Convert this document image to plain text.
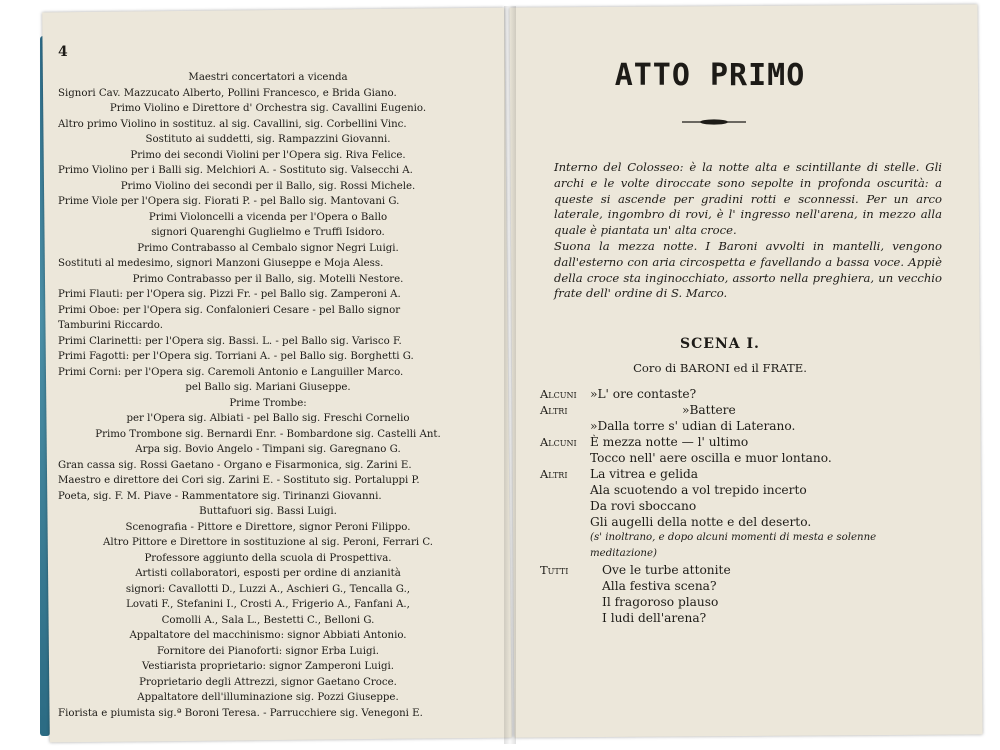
4
Maestri concertatori a vicenda
Signori Cav. Mazzucato Alberto, Pollini Francesco, e Brida Giano.
Primo Violino e Direttore d' Orchestra sig. Cavallini Eugenio.
Altro primo Violino in sostituz. al sig. Cavallini, sig. Corbellini Vinc.
Sostituto ai suddetti, sig. Rampazzini Giovanni.
Primo dei secondi Violini per l'Opera sig. Riva Felice.
Primo Violino per i Balli sig. Melchiori A. - Sostituto sig. Valsecchi A.
Primo Violino dei secondi per il Ballo, sig. Rossi Michele.
Prime Viole per l'Opera sig. Fiorati P. - pel Ballo sig. Mantovani G.
Primi Violoncelli a vicenda per l'Opera o Ballo
signori Quarenghi Guglielmo e Truffi Isidoro.
Primo Contrabasso al Cembalo signor Negri Luigi.
Sostituti al medesimo, signori Manzoni Giuseppe e Moja Aless.
Primo Contrabasso per il Ballo, sig. Motelli Nestore.
Primi Flauti: per l'Opera sig. Pizzi Fr. - pel Ballo sig. Zamperoni A.
Primi Oboe: per l'Opera sig. Confalonieri Cesare - pel Ballo signor
Tamburini Riccardo.
Primi Clarinetti: per l'Opera sig. Bassi. L. - pel Ballo sig. Varisco F.
Primi Fagotti: per l'Opera sig. Torriani A. - pel Ballo sig. Borghetti G.
Primi Corni: per l'Opera sig. Caremoli Antonio e Languiller Marco.
pel Ballo sig. Mariani Giuseppe.
Prime Trombe:
per l'Opera sig. Albiati - pel Ballo sig. Freschi Cornelio
Primo Trombone sig. Bernardi Enr. - Bombardone sig. Castelli Ant.
Arpa sig. Bovio Angelo - Timpani sig. Garegnano G.
Gran cassa sig. Rossi Gaetano - Organo e Fisarmonica, sig. Zarini E.
Maestro e direttore dei Cori sig. Zarini E. - Sostituto sig. Portaluppi P.
Poeta, sig. F. M. Piave - Rammentatore sig. Tirinanzi Giovanni.
Buttafuori sig. Bassi Luigi.
Scenografia - Pittore e Direttore, signor Peroni Filippo.
Altro Pittore e Direttore in sostituzione al sig. Peroni, Ferrari C.
Professore aggiunto della scuola di Prospettiva.
Artisti collaboratori, esposti per ordine di anzianità
signori: Cavallotti D., Luzzi A., Aschieri G., Tencalla G.,
Lovati F., Stefanini I., Crosti A., Frigerio A., Fanfani A.,
Comolli A., Sala L., Bestetti C., Belloni G.
Appaltatore del macchinismo: signor Abbiati Antonio.
Fornitore dei Pianoforti: signor Erba Luigi.
Vestiarista proprietario: signor Zamperoni Luigi.
Proprietario degli Attrezzi, signor Gaetano Croce.
Appaltatore dell'illuminazione sig. Pozzi Giuseppe.
Fiorista e piumista sig.ª Boroni Teresa. - Parrucchiere sig. Venegoni E.
ATTO PRIMO

Interno del Colosseo: è la notte alta e scintillante di stelle. Gli archi e le volte diroccate sono sepolte in profonda oscurità: a queste si ascende per gradini rotti e sconnessi. Per un arco laterale, ingombro di rovi, è l' ingresso nell'arena, in mezzo alla quale è piantata un' alta croce.

Suona la mezza notte. I Baroni avvolti in mantelli, vengono dall'esterno con aria circospetta e favellando a bassa voce. Appiè della croce sta inginocchiato, assorto nella preghiera, un vecchio frate dell' ordine di S. Marco.

SCENA I.
Coro di BARONI ed il FRATE.
Alcuni	»L' ore contaste?
Altri	»Battere
»Dalla torre s' udian di Laterano.
Alcuni	È mezza notte — l' ultimo
Tocco nell' aere oscilla e muor lontano.
Altri	La vitrea e gelida
Ala scuotendo a vol trepido incerto
Da rovi sboccano
Gli augelli della notte e del deserto.
(s' inoltrano, e dopo alcuni momenti di mesta e solenne
meditazione)
Tutti	Ove le turbe attonite
Alla festiva scena?
Il fragoroso plauso
I ludi dell'arena?
